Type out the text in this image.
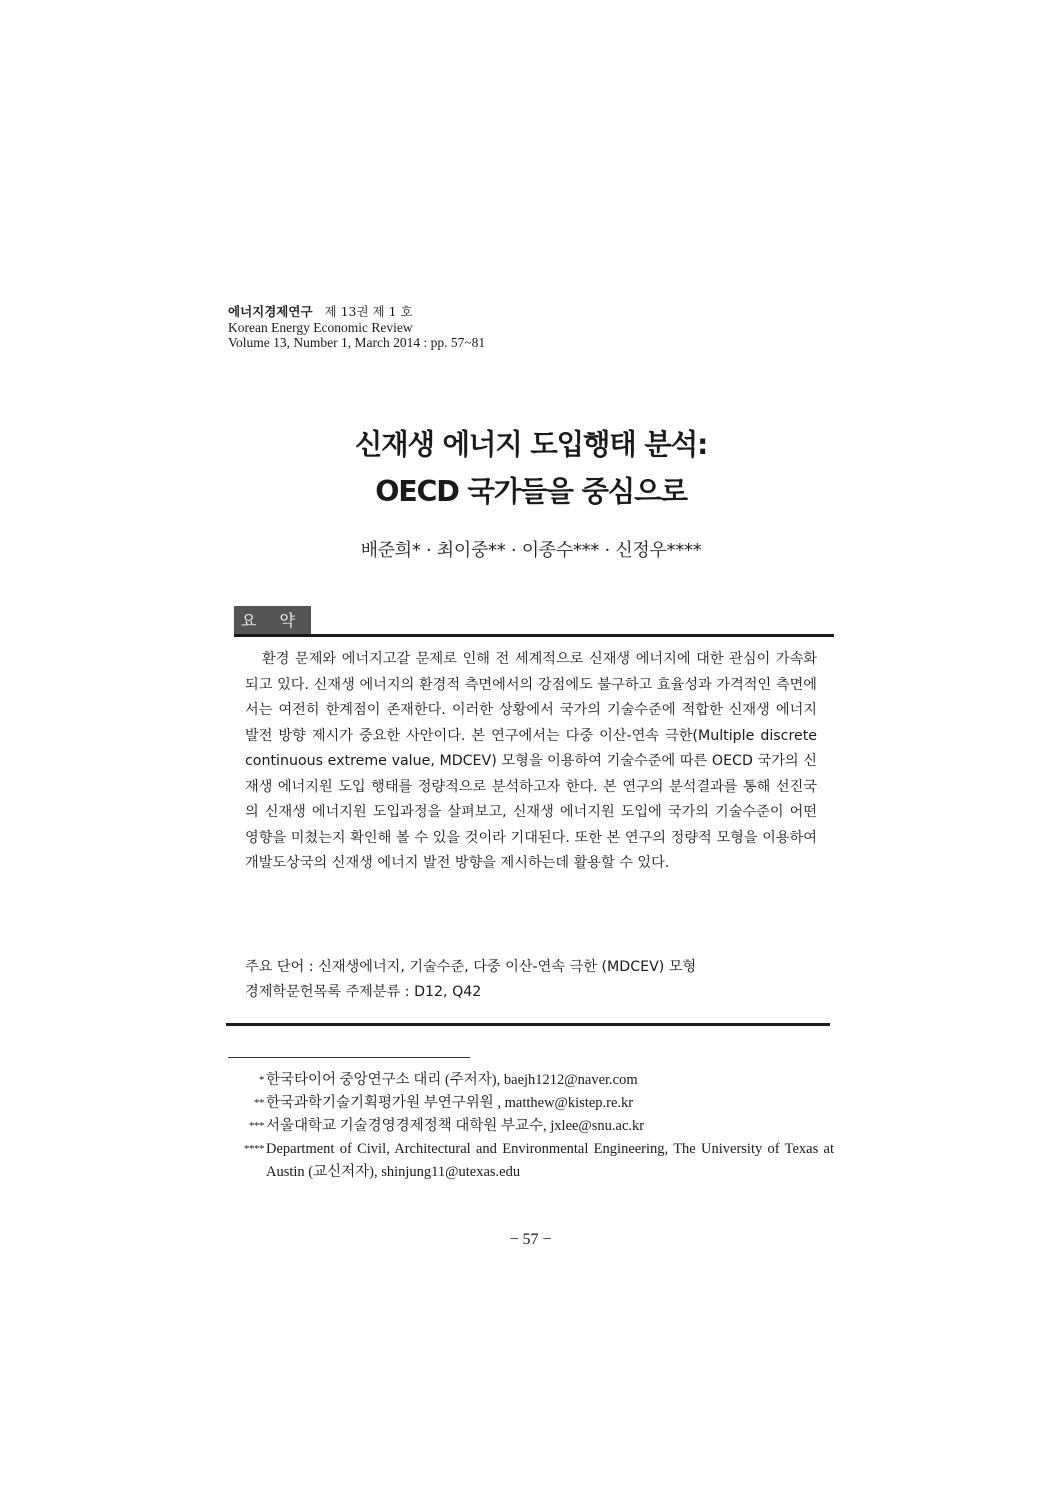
에너지경제연구 제 13권 제 1 호
Korean Energy Economic Review
Volume 13, Number 1, March 2014 : pp. 57~81
신재생 에너지 도입행태 분석:
OECD 국가들을 중심으로
배준희* · 최이중** · 이종수*** · 신정우****
요 약

환경 문제와 에너지고갈 문제로 인해 전 세계적으로 신재생 에너지에 대한 관심이 가속화되고 있다. 신재생 에너지의 환경적 측면에서의 강점에도 불구하고 효율성과 가격적인 측면에서는 여전히 한계점이 존재한다. 이러한 상황에서 국가의 기술수준에 적합한 신재생 에너지 발전 방향 제시가 중요한 사안이다. 본 연구에서는 다중 이산-연속 극한(Multiple discrete continuous extreme value, MDCEV) 모형을 이용하여 기술수준에 따른 OECD 국가의 신재생 에너지원 도입 행태를 정량적으로 분석하고자 한다. 본 연구의 분석결과를 통해 선진국의 신재생 에너지원 도입과정을 살펴보고, 신재생 에너지원 도입에 국가의 기술수준이 어떤 영향을 미쳤는지 확인해 볼 수 있을 것이라 기대된다. 또한 본 연구의 정량적 모형을 이용하여 개발도상국의 신재생 에너지 발전 방향을 제시하는데 활용할 수 있다.

주요 단어 : 신재생에너지, 기술수준, 다중 이산-연속 극한 (MDCEV) 모형
경제학문헌목록 주제분류 : D12, Q42
* 한국타이어 중앙연구소 대리 (주저자), baejh1212@naver.com
** 한국과학기술기획평가원 부연구위원 , matthew@kistep.re.kr
*** 서울대학교 기술경영경제정책 대학원 부교수, jxlee@snu.ac.kr
**** Department of Civil, Architectural and Environmental Engineering, The University of Texas at Austin (교신저자), shinjung11@utexas.edu
− 57 −
